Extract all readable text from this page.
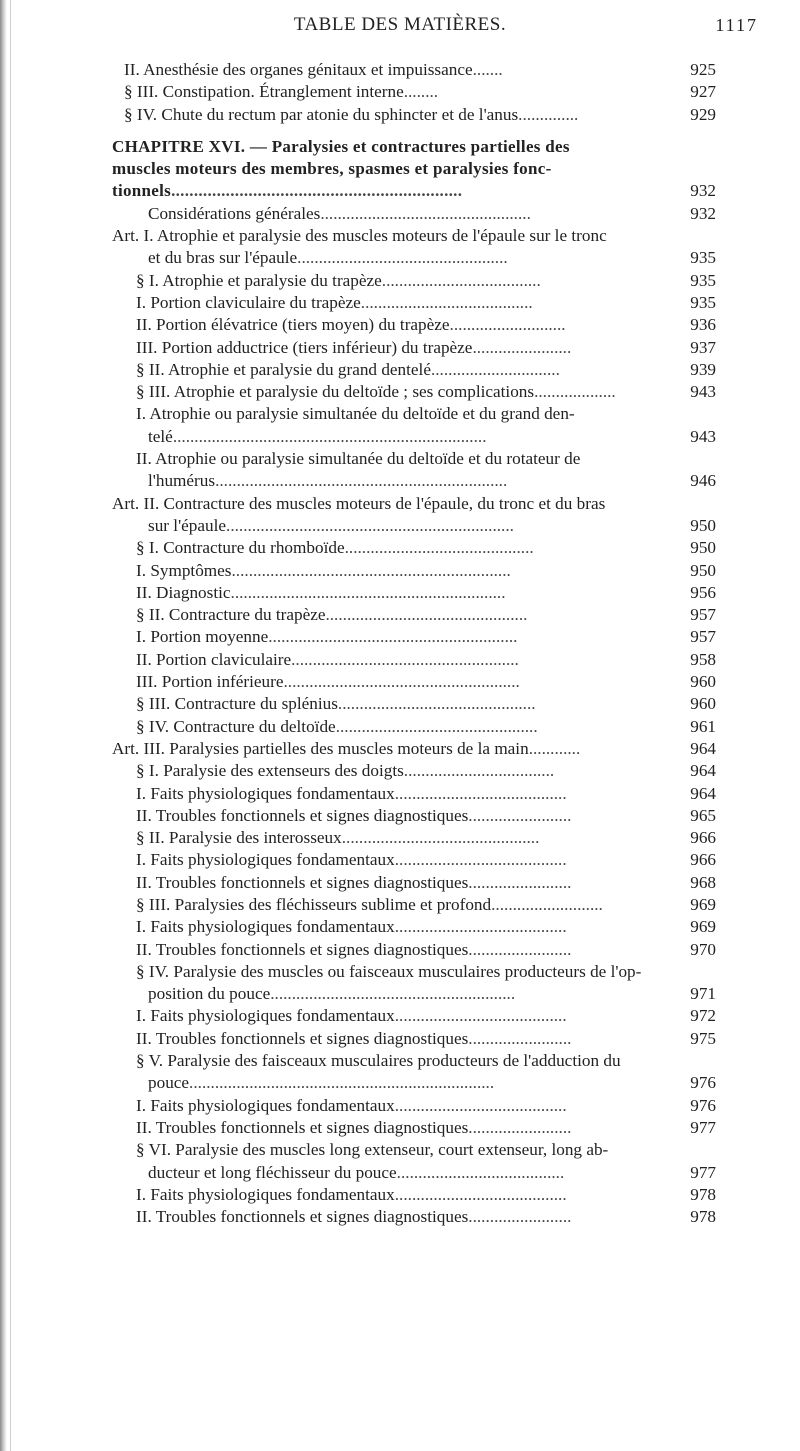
TABLE DES MATIÈRES.	1117
II. Anesthésie des organes génitaux et impuissance.......	925
§ III. Constipation. Étranglement interne........	927
§ IV. Chute du rectum par atonie du sphincter et de l'anus..............	929
CHAPITRE XVI. — Paralysies et contractures partielles des
muscles moteurs des membres, spasmes et paralysies fonc-
tionnels................................................................	932
Considérations générales.................................................	932
Art. I. Atrophie et paralysie des muscles moteurs de l'épaule sur le tronc
et du bras sur l'épaule.................................................	935
§ I. Atrophie et paralysie du trapèze.....................................	935
I. Portion claviculaire du trapèze........................................	935
II. Portion élévatrice (tiers moyen) du trapèze...........................	936
III. Portion adductrice (tiers inférieur) du trapèze.......................	937
§ II. Atrophie et paralysie du grand dentelé..............................	939
§ III. Atrophie et paralysie du deltoïde ; ses complications...................	943
I. Atrophie ou paralysie simultanée du deltoïde et du grand den-
telé.........................................................................	943
II. Atrophie ou paralysie simultanée du deltoïde et du rotateur de
l'humérus....................................................................	946
Art. II. Contracture des muscles moteurs de l'épaule, du tronc et du bras
sur l'épaule...................................................................	950
§ I. Contracture du rhomboïde............................................	950
I. Symptômes.................................................................	950
II. Diagnostic................................................................	956
§ II. Contracture du trapèze...............................................	957
I. Portion moyenne..........................................................	957
II. Portion claviculaire.....................................................	958
III. Portion inférieure.......................................................	960
§ III. Contracture du splénius..............................................	960
§ IV. Contracture du deltoïde...............................................	961
Art. III. Paralysies partielles des muscles moteurs de la main............	964
§ I. Paralysie des extenseurs des doigts...................................	964
I. Faits physiologiques fondamentaux........................................	964
II. Troubles fonctionnels et signes diagnostiques........................	965
§ II. Paralysie des interosseux..............................................	966
I. Faits physiologiques fondamentaux........................................	966
II. Troubles fonctionnels et signes diagnostiques........................	968
§ III. Paralysies des fléchisseurs sublime et profond..........................	969
I. Faits physiologiques fondamentaux........................................	969
II. Troubles fonctionnels et signes diagnostiques........................	970
§ IV. Paralysie des muscles ou faisceaux musculaires producteurs de l'op-
position du pouce.........................................................	971
I. Faits physiologiques fondamentaux........................................	972
II. Troubles fonctionnels et signes diagnostiques........................	975
§ V. Paralysie des faisceaux musculaires producteurs de l'adduction du
pouce.......................................................................	976
I. Faits physiologiques fondamentaux........................................	976
II. Troubles fonctionnels et signes diagnostiques........................	977
§ VI. Paralysie des muscles long extenseur, court extenseur, long ab-
ducteur et long fléchisseur du pouce.......................................	977
I. Faits physiologiques fondamentaux........................................	978
II. Troubles fonctionnels et signes diagnostiques........................	978
